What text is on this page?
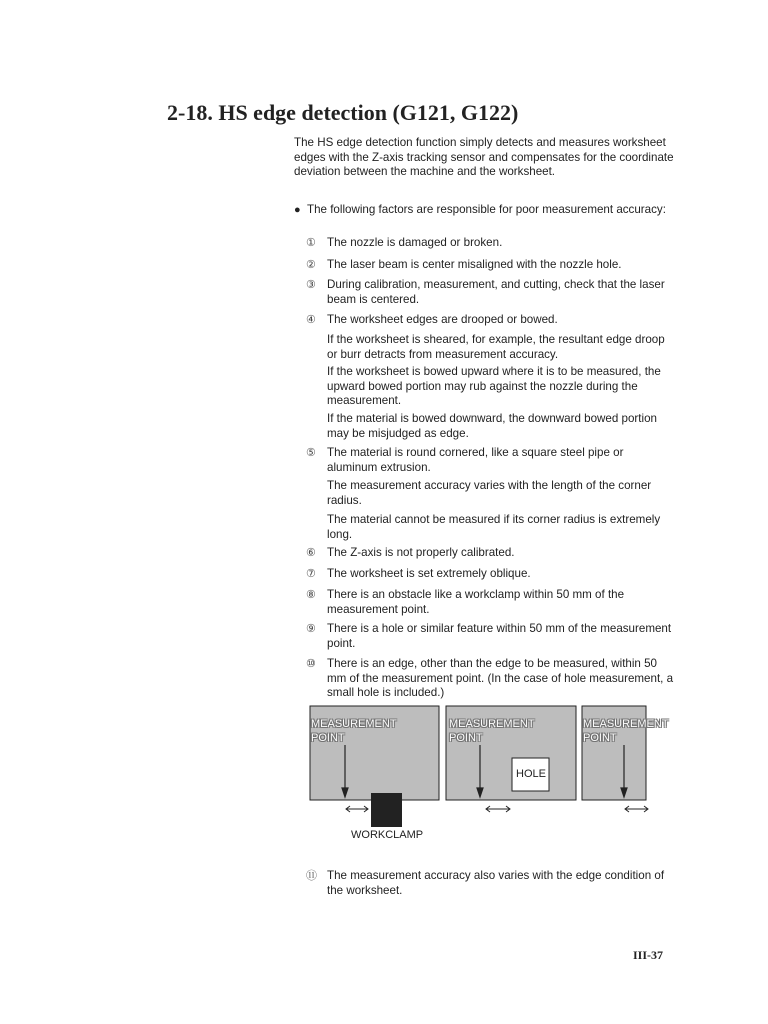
2-18. HS edge detection (G121, G122)

The HS edge detection function simply detects and measures worksheet edges with the Z-axis tracking sensor and compensates for the coordinate deviation between the machine and the worksheet.

● The following factors are responsible for poor measurement accuracy:
① The nozzle is damaged or broken.
② The laser beam is center misaligned with the nozzle hole.
③ During calibration, measurement, and cutting, check that the laser beam is centered.
④ The worksheet edges are drooped or bowed.

If the worksheet is sheared, for example, the resultant edge droop or burr detracts from measurement accuracy.

If the worksheet is bowed upward where it is to be measured, the upward bowed portion may rub against the nozzle during the measurement.

If the material is bowed downward, the downward bowed portion may be misjudged as edge.

⑤ The material is round cornered, like a square steel pipe or aluminum extrusion.

The measurement accuracy varies with the length of the corner radius.

The material cannot be measured if its corner radius is extremely long.

⑥ The Z-axis is not properly calibrated.
⑦ The worksheet is set extremely oblique.
⑧ There is an obstacle like a workclamp within 50 mm of the measurement point.
⑨ There is a hole or similar feature within 50 mm of the measurement point.
⑩ There is an edge, other than the edge to be measured, within 50 mm of the measurement point. (In the case of hole measurement, a small hole is included.)
MEASUREMENT
POINT
MEASUREMENT
POINT
MEASUREMENT
POINT
HOLE
WORKCLAMP
⑪ The measurement accuracy also varies with the edge condition of the worksheet.
III-37
